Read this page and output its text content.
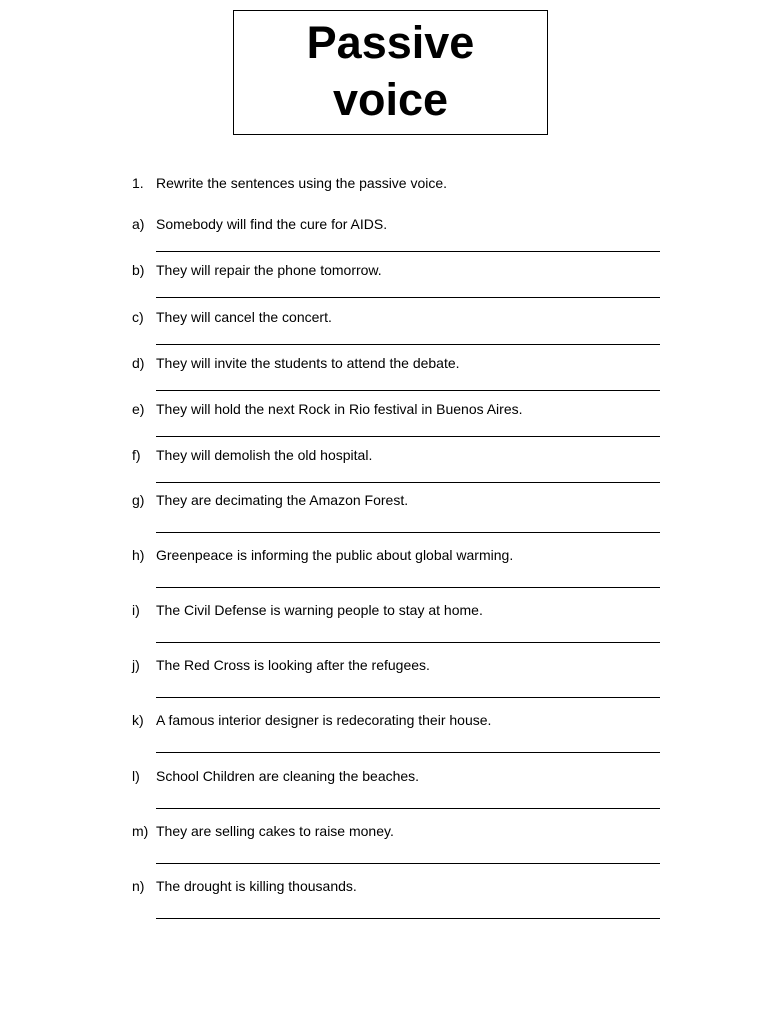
Passive
voice
1. Rewrite the sentences using the passive voice.
a) Somebody will find the cure for AIDS.
b) They will repair the phone tomorrow.
c) They will cancel the concert.
d) They will invite the students to attend the debate.
e) They will hold the next Rock in Rio festival in Buenos Aires.
f) They will demolish the old hospital.
g) They are decimating the Amazon Forest.
h) Greenpeace is informing the public about global warming.
i) The Civil Defense is warning people to stay at home.
j) The Red Cross is looking after the refugees.
k) A famous interior designer is redecorating their house.
l) School Children are cleaning the beaches.
m) They are selling cakes to raise money.
n) The drought is killing thousands.
